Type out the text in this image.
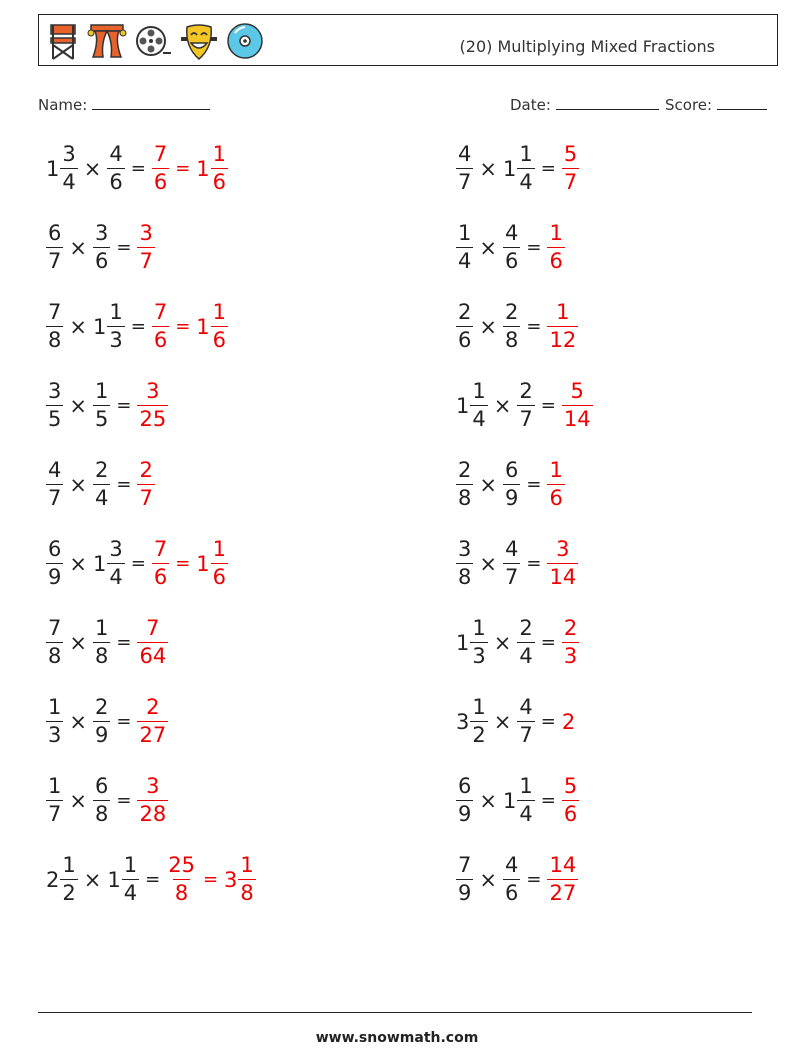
(20) Multiplying Mixed Fractions
Name:	Date:	Score:
$1 \frac{3}{4} \times \frac{4}{6} = \frac{7}{6} = 1 \frac{1}{6}$	$\frac{4}{7} \times 1 \frac{1}{4} = \frac{5}{7}$
$\frac{6}{7} \times \frac{3}{6} = \frac{3}{7}$	$\frac{1}{4} \times \frac{4}{6} = \frac{1}{6}$
$\frac{7}{8} \times 1 \frac{1}{3} = \frac{7}{6} = 1 \frac{1}{6}$	$\frac{2}{6} \times \frac{2}{8} = \frac{1}{12}$
$\frac{3}{5} \times \frac{1}{5} = \frac{3}{25}$	$1 \frac{1}{4} \times \frac{2}{7} = \frac{5}{14}$
$\frac{4}{7} \times \frac{2}{4} = \frac{2}{7}$	$\frac{2}{8} \times \frac{6}{9} = \frac{1}{6}$
$\frac{6}{9} \times 1 \frac{3}{4} = \frac{7}{6} = 1 \frac{1}{6}$	$\frac{3}{8} \times \frac{4}{7} = \frac{3}{14}$
$\frac{7}{8} \times \frac{1}{8} = \frac{7}{64}$	$1 \frac{1}{3} \times \frac{2}{4} = \frac{2}{3}$
$\frac{1}{3} \times \frac{2}{9} = \frac{2}{27}$	$3 \frac{1}{2} \times \frac{4}{7} = 2$
$\frac{1}{7} \times \frac{6}{8} = \frac{3}{28}$	$\frac{6}{9} \times 1 \frac{1}{4} = \frac{5}{6}$
$2 \frac{1}{2} \times 1 \frac{1}{4} = \frac{25}{8} = 3 \frac{1}{8}$	$\frac{7}{9} \times \frac{4}{6} = \frac{14}{27}$
www.snowmath.com
